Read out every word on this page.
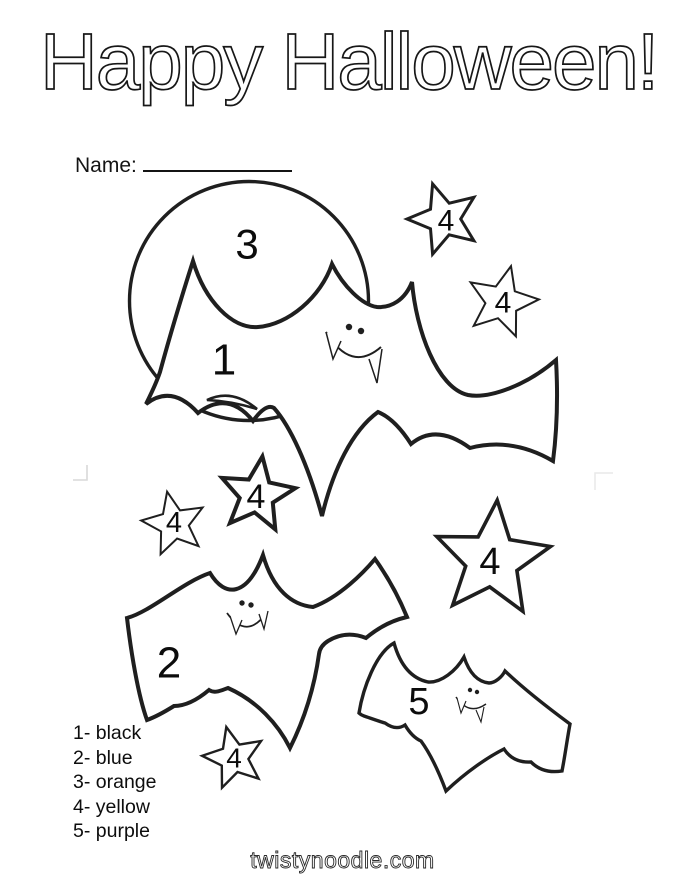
Happy Halloween!
Name:
3
1
2
5
4
4
4
4
4
4
1- black
2- blue
3- orange
4- yellow
5- purple
twistynoodle.com
